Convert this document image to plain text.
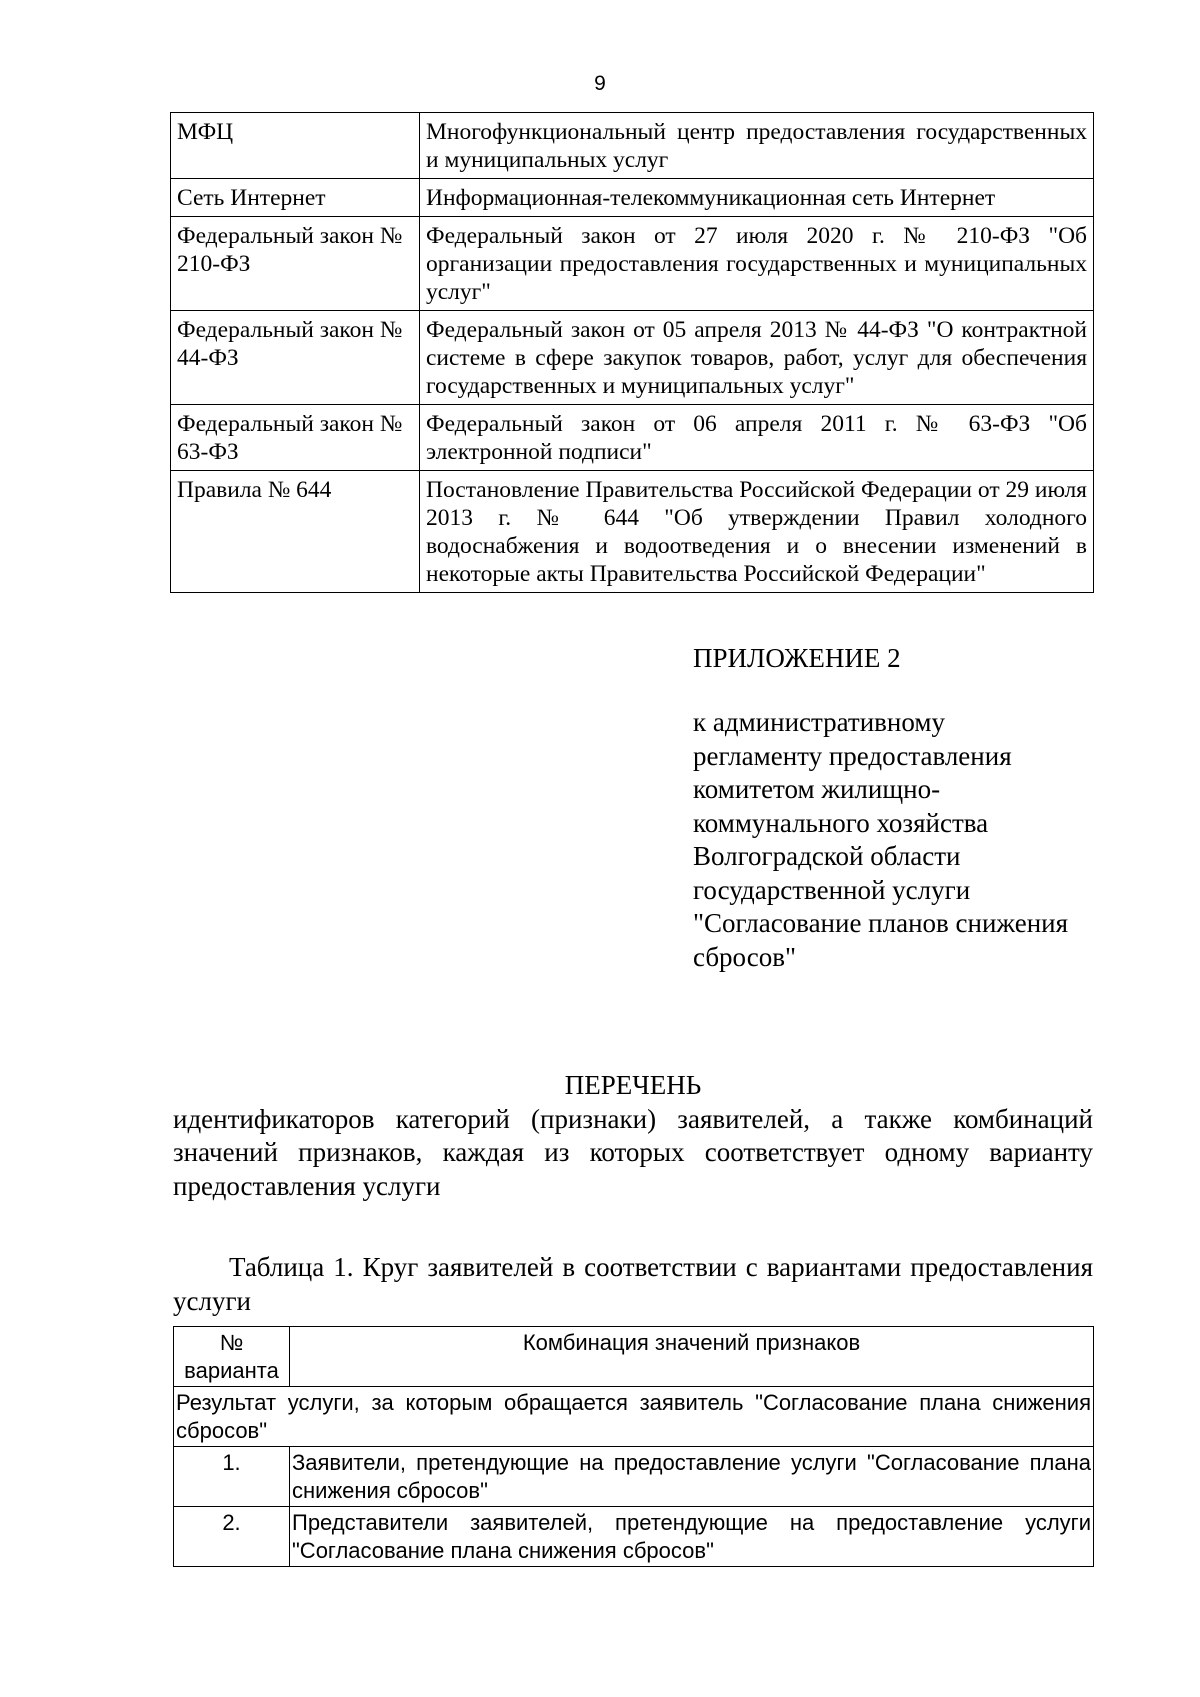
9
МФЦ	Многофункциональный центр предоставления государственных и муниципальных услуг
Сеть Интернет	Информационная-телекоммуникационная сеть Интернет
Федеральный закон № 210-ФЗ	Федеральный закон от 27 июля 2020 г. № 210-ФЗ "Об организации предоставления государственных и муниципальных услуг"
Федеральный закон № 44-ФЗ	Федеральный закон от 05 апреля 2013 № 44-ФЗ "О контрактной системе в сфере закупок товаров, работ, услуг для обеспечения государственных и муниципальных услуг"
Федеральный закон № 63-ФЗ	Федеральный закон от 06 апреля 2011 г. № 63-ФЗ "Об электронной подписи"
Правила № 644	Постановление Правительства Российской Федерации от 29 июля 2013 г. № 644 "Об утверждении Правил холодного водоснабжения и водоотведения и о внесении изменений в некоторые акты Правительства Российской Федерации"
ПРИЛОЖЕНИЕ 2
к административному
регламенту предоставления
комитетом жилищно-
коммунального хозяйства
Волгоградской области
государственной услуги
"Согласование планов снижения
сбросов"

ПЕРЕЧЕНЬ

идентификаторов категорий (признаки) заявителей, а также комбинаций значений признаков, каждая из которых соответствует одному варианту предоставления услуги

Таблица 1. Круг заявителей в соответствии с вариантами предоставления услуги

№ варианта	Комбинация значений признаков
Результат услуги, за которым обращается заявитель "Согласование плана снижения сбросов"	
1.	Заявители, претендующие на предоставление услуги "Согласование плана снижения сбросов"
2.	Представители заявителей, претендующие на предоставление услуги "Согласование плана снижения сбросов"
